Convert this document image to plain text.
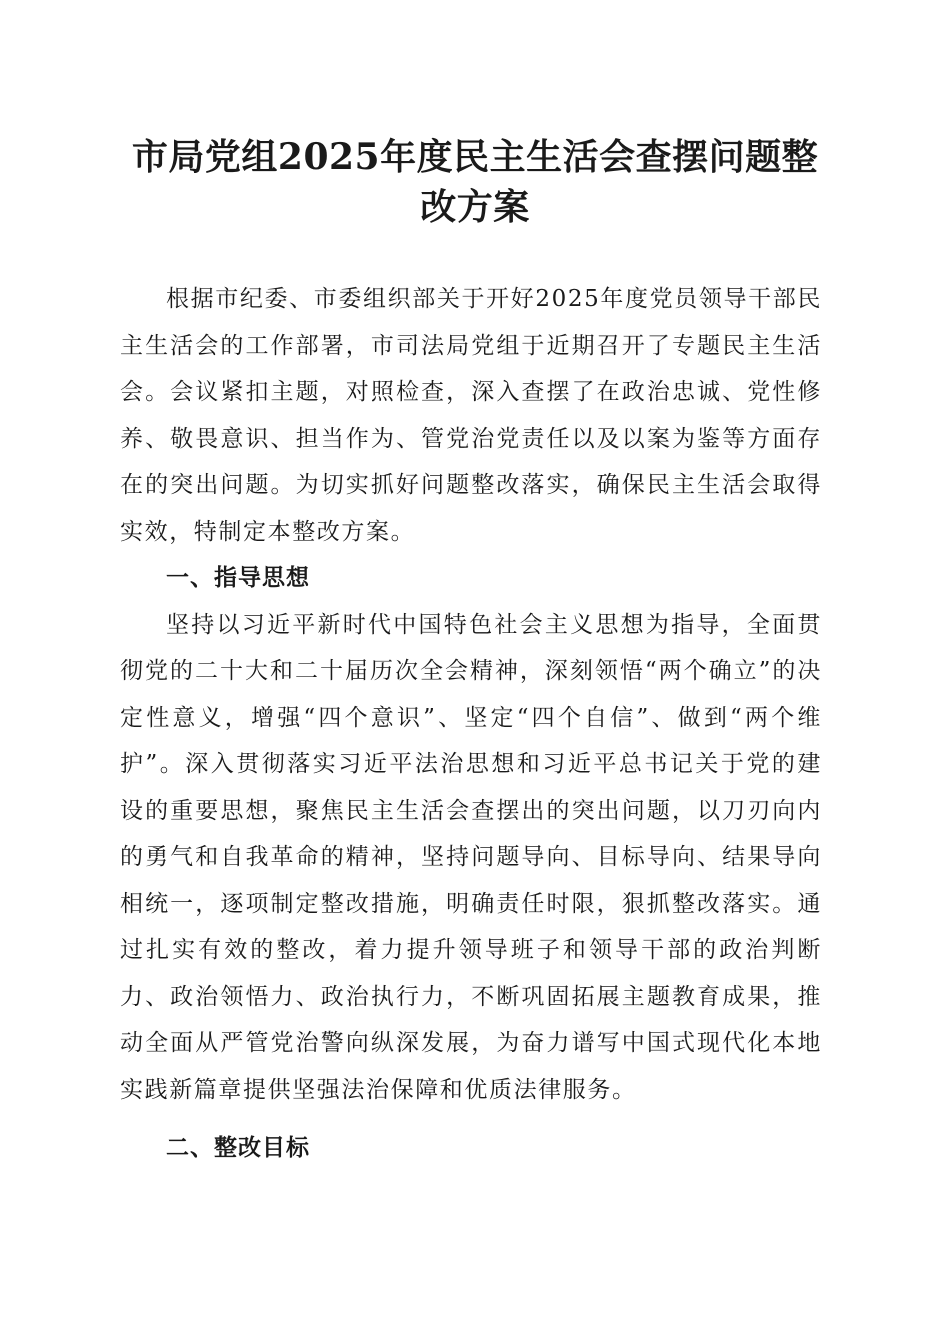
市局党组2025年度民主生活会查摆问题整改方案

根据市纪委、市委组织部关于开好2025年度党员领导干部民主生活会的工作部署，市司法局党组于近期召开了专题民主生活会。会议紧扣主题，对照检查，深入查摆了在政治忠诚、党性修养、敬畏意识、担当作为、管党治党责任以及以案为鉴等方面存在的突出问题。为切实抓好问题整改落实，确保民主生活会取得实效，特制定本整改方案。

一、指导思想

坚持以习近平新时代中国特色社会主义思想为指导，全面贯彻党的二十大和二十届历次全会精神，深刻领悟“两个确立”的决定性意义，增强“四个意识”、坚定“四个自信”、做到“两个维护”。深入贯彻落实习近平法治思想和习近平总书记关于党的建设的重要思想，聚焦民主生活会查摆出的突出问题，以刀刃向内的勇气和自我革命的精神，坚持问题导向、目标导向、结果导向相统一，逐项制定整改措施，明确责任时限，狠抓整改落实。通过扎实有效的整改，着力提升领导班子和领导干部的政治判断力、政治领悟力、政治执行力，不断巩固拓展主题教育成果，推动全面从严管党治警向纵深发展，为奋力谱写中国式现代化本地实践新篇章提供坚强法治保障和优质法律服务。

二、整改目标
